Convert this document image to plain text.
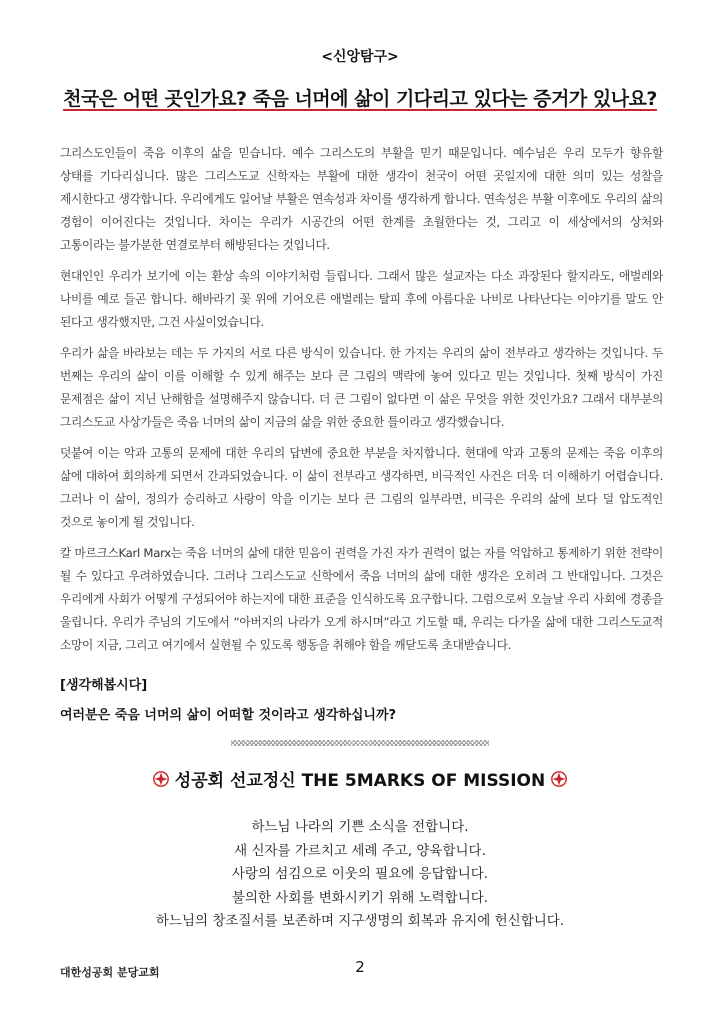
<신앙탐구>
천국은 어떤 곳인가요? 죽음 너머에 삶이 기다리고 있다는 증거가 있나요?

그리스도인들이 죽음 이후의 삶을 믿습니다. 예수 그리스도의 부활을 믿기 때문입니다. 예수님은 우리 모두가 향유할 상태를 기다리십니다. 많은 그리스도교 신학자는 부활에 대한 생각이 천국이 어떤 곳일지에 대한 의미 있는 성찰을 제시한다고 생각합니다. 우리에게도 일어날 부활은 연속성과 차이를 생각하게 합니다. 연속성은 부활 이후에도 우리의 삶의 경험이 이어진다는 것입니다. 차이는 우리가 시공간의 어떤 한계를 초월한다는 것, 그리고 이 세상에서의 상처와 고통이라는 불가분한 연결로부터 해방된다는 것입니다.

현대인인 우리가 보기에 이는 환상 속의 이야기처럼 들립니다. 그래서 많은 설교자는 다소 과장된다 할지라도, 애벌레와 나비를 예로 들곤 합니다. 해바라기 꽃 위에 기어오른 애벌레는 탈피 후에 아름다운 나비로 나타난다는 이야기를 말도 안 된다고 생각했지만, 그건 사실이었습니다.

우리가 삶을 바라보는 데는 두 가지의 서로 다른 방식이 있습니다. 한 가지는 우리의 삶이 전부라고 생각하는 것입니다. 두 번째는 우리의 삶이 이를 이해할 수 있게 해주는 보다 큰 그림의 맥락에 놓여 있다고 믿는 것입니다. 첫째 방식이 가진 문제점은 삶이 지닌 난해함을 설명해주지 않습니다. 더 큰 그림이 없다면 이 삶은 무엇을 위한 것인가요? 그래서 대부분의 그리스도교 사상가들은 죽음 너머의 삶이 지금의 삶을 위한 중요한 틀이라고 생각했습니다.

덧붙여 이는 악과 고통의 문제에 대한 우리의 답변에 중요한 부분을 차지합니다. 현대에 악과 고통의 문제는 죽음 이후의 삶에 대하여 회의하게 되면서 간과되었습니다. 이 삶이 전부라고 생각하면, 비극적인 사건은 더욱 더 이해하기 어렵습니다. 그러나 이 삶이, 정의가 승리하고 사랑이 악을 이기는 보다 큰 그림의 일부라면, 비극은 우리의 삶에 보다 덜 압도적인 것으로 놓이게 될 것입니다.

칼 마르크스Karl Marx는 죽음 너머의 삶에 대한 믿음이 권력을 가진 자가 권력이 없는 자를 억압하고 통제하기 위한 전략이 될 수 있다고 우려하였습니다. 그러나 그리스도교 신학에서 죽음 너머의 삶에 대한 생각은 오히려 그 반대입니다. 그것은 우리에게 사회가 어떻게 구성되어야 하는지에 대한 표준을 인식하도록 요구합니다. 그럼으로써 오늘날 우리 사회에 경종을 울립니다. 우리가 주님의 기도에서 “아버지의 나라가 오게 하시며”라고 기도할 때, 우리는 다가올 삶에 대한 그리스도교적 소망이 지금, 그리고 여기에서 실현될 수 있도록 행동을 취해야 함을 깨닫도록 초대받습니다.

[생각해봅시다]
여러분은 죽음 너머의 삶이 어떠할 것이라고 생각하십니까?
성공회 선교정신 THE 5MARKS OF MISSION
하느님 나라의 기쁜 소식을 전합니다.
새 신자를 가르치고 세례 주고, 양육합니다.
사랑의 섬김으로 이웃의 필요에 응답합니다.
불의한 사회를 변화시키기 위해 노력합니다.
하느님의 창조질서를 보존하며 지구생명의 회복과 유지에 헌신합니다.
대한성공회 분당교회	2
